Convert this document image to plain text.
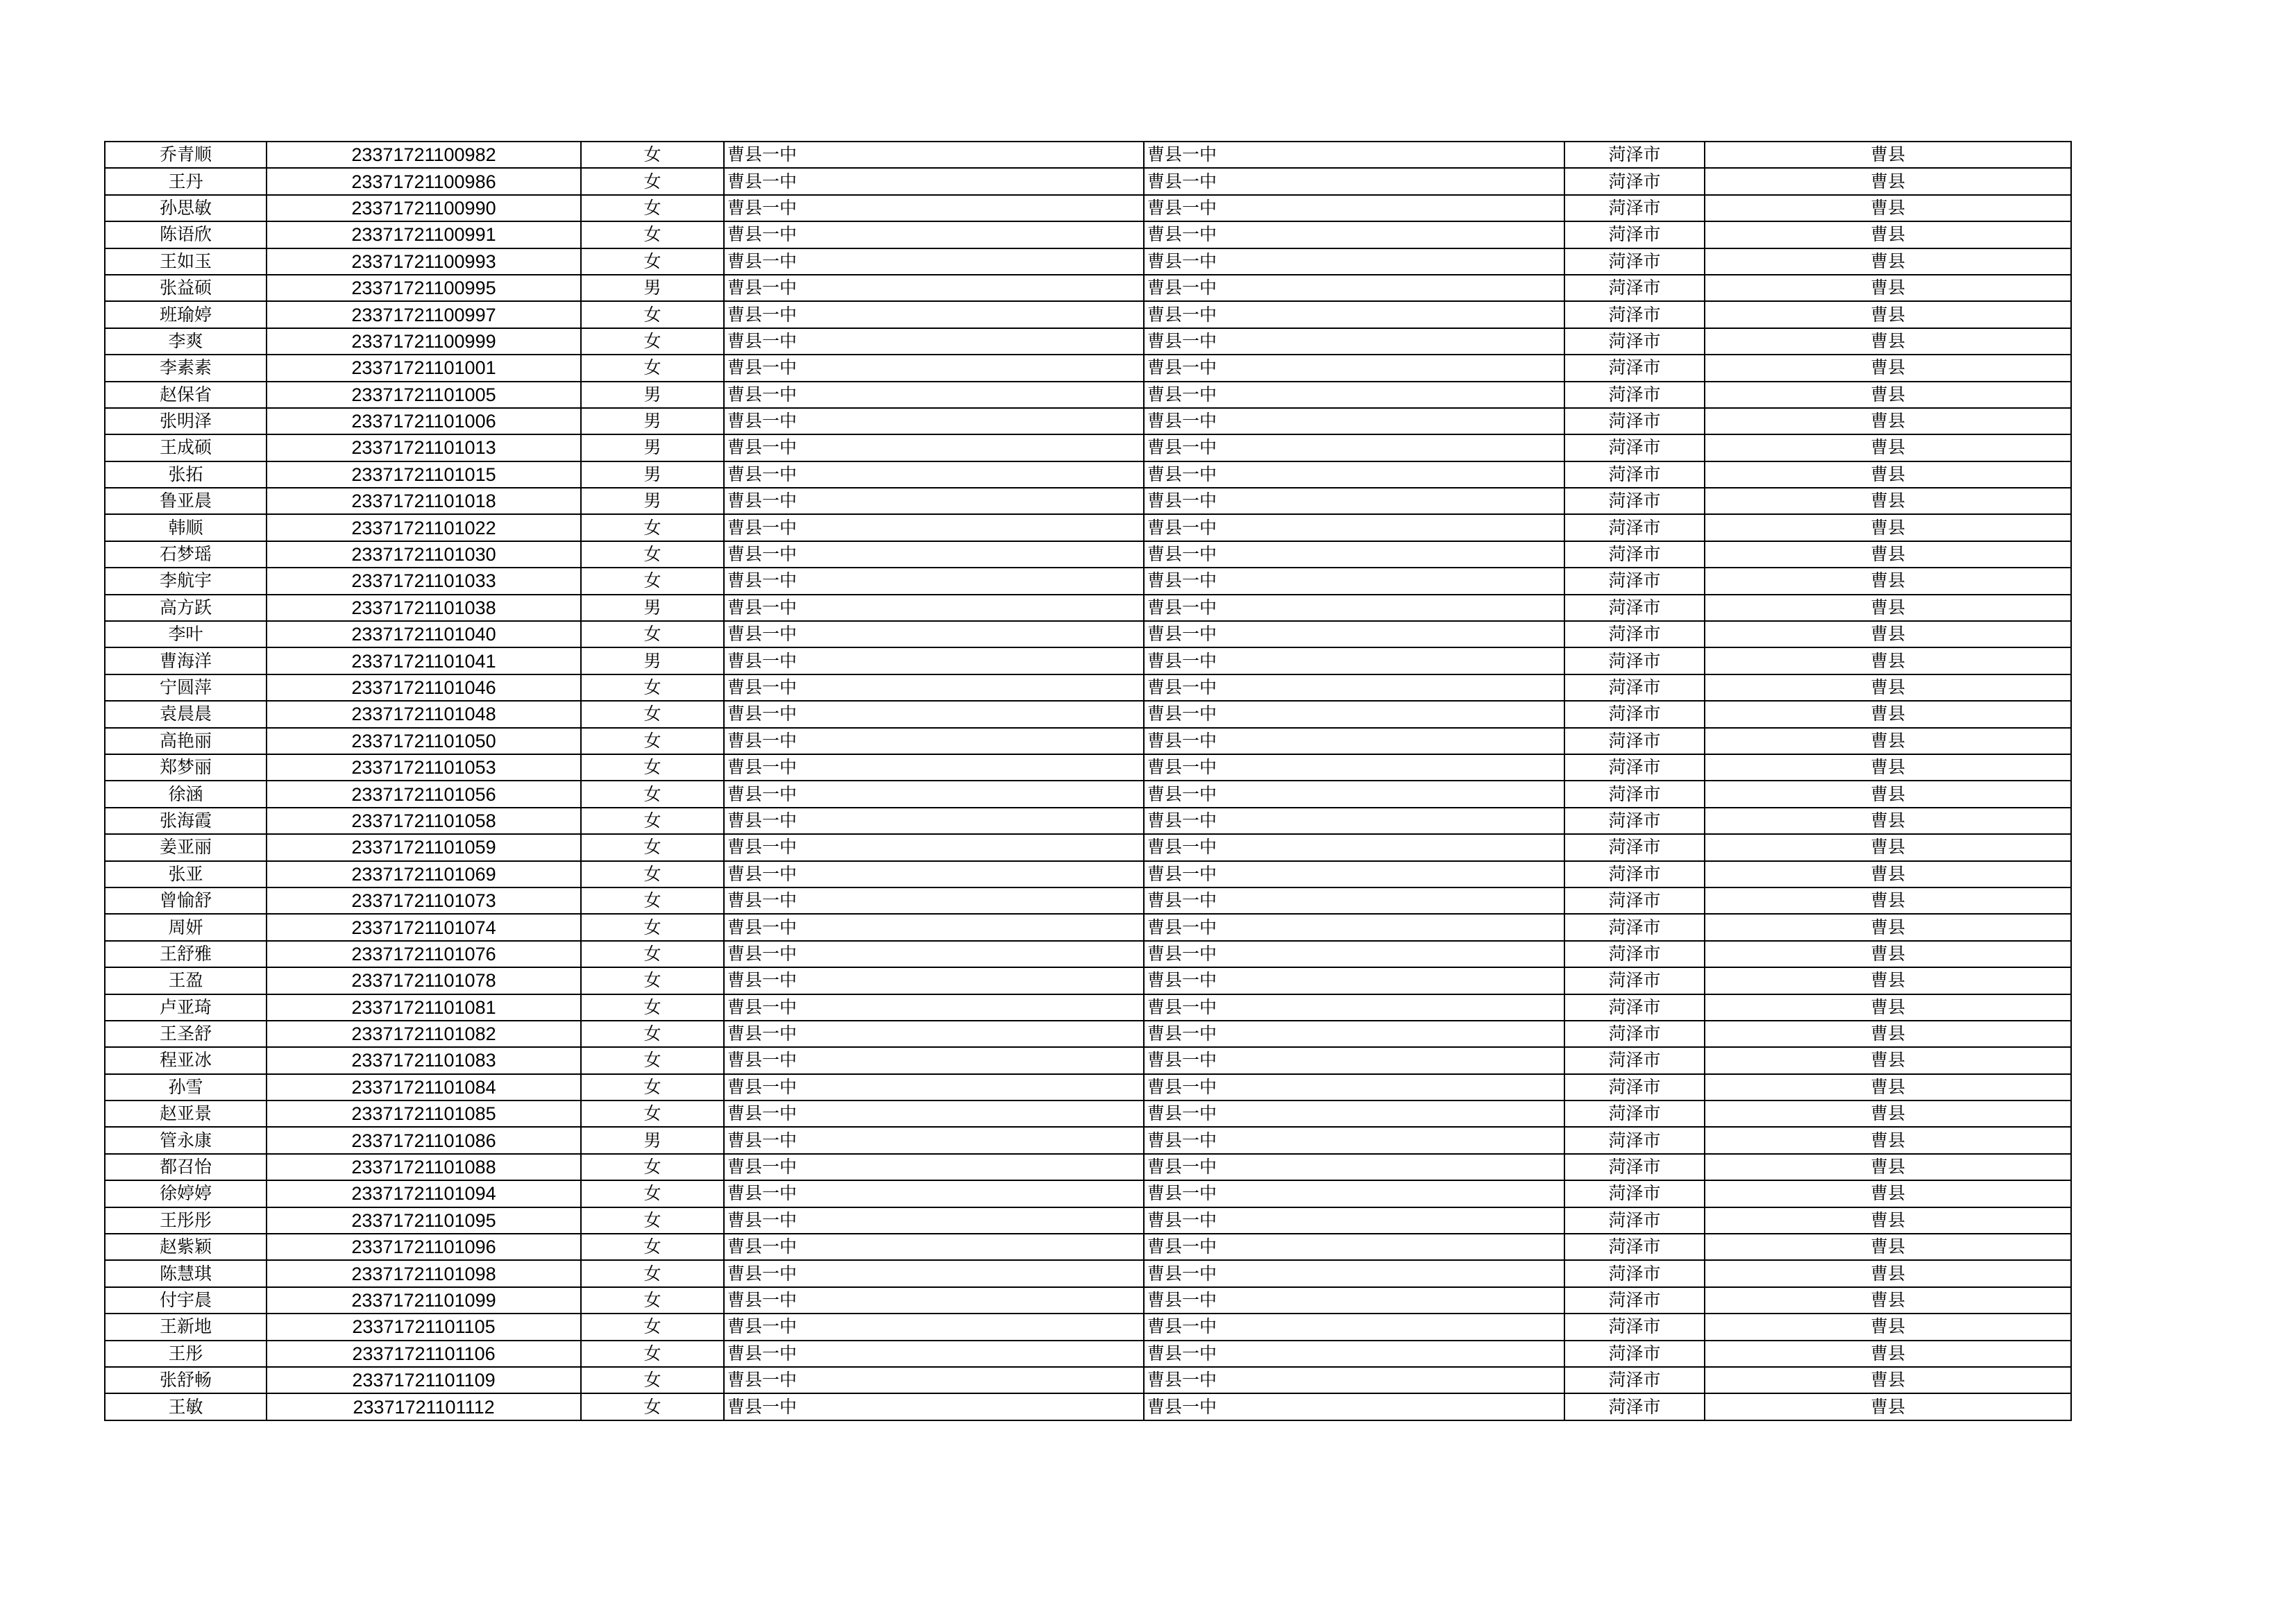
乔青顺	23371721100982	女	曹县一中	曹县一中	菏泽市	曹县
王丹	23371721100986	女	曹县一中	曹县一中	菏泽市	曹县
孙思敏	23371721100990	女	曹县一中	曹县一中	菏泽市	曹县
陈语欣	23371721100991	女	曹县一中	曹县一中	菏泽市	曹县
王如玉	23371721100993	女	曹县一中	曹县一中	菏泽市	曹县
张益硕	23371721100995	男	曹县一中	曹县一中	菏泽市	曹县
班瑜婷	23371721100997	女	曹县一中	曹县一中	菏泽市	曹县
李爽	23371721100999	女	曹县一中	曹县一中	菏泽市	曹县
李素素	23371721101001	女	曹县一中	曹县一中	菏泽市	曹县
赵保省	23371721101005	男	曹县一中	曹县一中	菏泽市	曹县
张明泽	23371721101006	男	曹县一中	曹县一中	菏泽市	曹县
王成硕	23371721101013	男	曹县一中	曹县一中	菏泽市	曹县
张拓	23371721101015	男	曹县一中	曹县一中	菏泽市	曹县
鲁亚晨	23371721101018	男	曹县一中	曹县一中	菏泽市	曹县
韩顺	23371721101022	女	曹县一中	曹县一中	菏泽市	曹县
石梦瑶	23371721101030	女	曹县一中	曹县一中	菏泽市	曹县
李航宇	23371721101033	女	曹县一中	曹县一中	菏泽市	曹县
高方跃	23371721101038	男	曹县一中	曹县一中	菏泽市	曹县
李叶	23371721101040	女	曹县一中	曹县一中	菏泽市	曹县
曹海洋	23371721101041	男	曹县一中	曹县一中	菏泽市	曹县
宁圆萍	23371721101046	女	曹县一中	曹县一中	菏泽市	曹县
袁晨晨	23371721101048	女	曹县一中	曹县一中	菏泽市	曹县
高艳丽	23371721101050	女	曹县一中	曹县一中	菏泽市	曹县
郑梦丽	23371721101053	女	曹县一中	曹县一中	菏泽市	曹县
徐涵	23371721101056	女	曹县一中	曹县一中	菏泽市	曹县
张海霞	23371721101058	女	曹县一中	曹县一中	菏泽市	曹县
姜亚丽	23371721101059	女	曹县一中	曹县一中	菏泽市	曹县
张亚	23371721101069	女	曹县一中	曹县一中	菏泽市	曹县
曾愉舒	23371721101073	女	曹县一中	曹县一中	菏泽市	曹县
周妍	23371721101074	女	曹县一中	曹县一中	菏泽市	曹县
王舒雅	23371721101076	女	曹县一中	曹县一中	菏泽市	曹县
王盈	23371721101078	女	曹县一中	曹县一中	菏泽市	曹县
卢亚琦	23371721101081	女	曹县一中	曹县一中	菏泽市	曹县
王圣舒	23371721101082	女	曹县一中	曹县一中	菏泽市	曹县
程亚冰	23371721101083	女	曹县一中	曹县一中	菏泽市	曹县
孙雪	23371721101084	女	曹县一中	曹县一中	菏泽市	曹县
赵亚景	23371721101085	女	曹县一中	曹县一中	菏泽市	曹县
管永康	23371721101086	男	曹县一中	曹县一中	菏泽市	曹县
都召怡	23371721101088	女	曹县一中	曹县一中	菏泽市	曹县
徐婷婷	23371721101094	女	曹县一中	曹县一中	菏泽市	曹县
王彤彤	23371721101095	女	曹县一中	曹县一中	菏泽市	曹县
赵紫颖	23371721101096	女	曹县一中	曹县一中	菏泽市	曹县
陈慧琪	23371721101098	女	曹县一中	曹县一中	菏泽市	曹县
付宇晨	23371721101099	女	曹县一中	曹县一中	菏泽市	曹县
王新地	23371721101105	女	曹县一中	曹县一中	菏泽市	曹县
王彤	23371721101106	女	曹县一中	曹县一中	菏泽市	曹县
张舒畅	23371721101109	女	曹县一中	曹县一中	菏泽市	曹县
王敏	23371721101112	女	曹县一中	曹县一中	菏泽市	曹县
